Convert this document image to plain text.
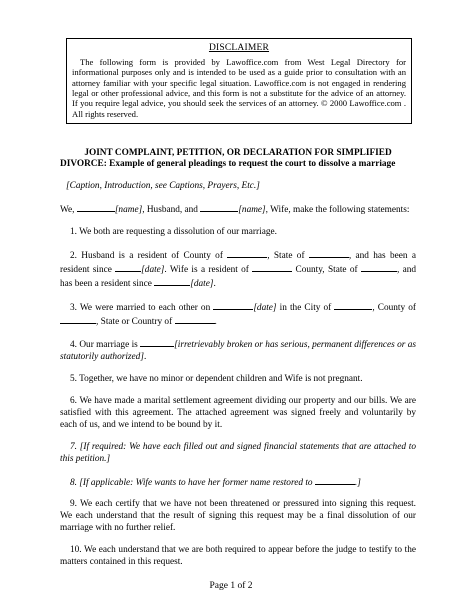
DISCLAIMER
The following form is provided by Lawoffice.com from West Legal Directory for informational purposes only and is intended to be used as a guide prior to consultation with an attorney familiar with your specific legal situation. Lawoffice.com is not engaged in rendering legal or other professional advice, and this form is not a substitute for the advice of an attorney. If you require legal advice, you should seek the services of an attorney. © 2000 Lawoffice.com . All rights reserved.
JOINT COMPLAINT, PETITION, OR DECLARATION FOR SIMPLIFIED
DIVORCE: Example of general pleadings to request the court to dissolve a marriage
[Caption, Introduction, see Captions, Prayers, Etc.]
We,	[name], Husband, and	[name], Wife, make the following statements:
1. We both are requesting a dissolution of our marriage.
2. Husband is a resident of County of	, State of	, and has been a resident since	[date]. Wife is a resident of	County, State of	, and has been a resident since	[date].
3. We were married to each other on	[date] in the City of	, County of , State or Country of	.
4. Our marriage is	[irretrievably broken or has serious, permanent differences or as statutorily authorized].
5. Together, we have no minor or dependent children and Wife is not pregnant.
6. We have made a marital settlement agreement dividing our property and our bills. We are satisfied with this agreement. The attached agreement was signed freely and voluntarily by each of us, and we intend to be bound by it.
7. [If required: We have each filled out and signed financial statements that are attached to this petition.]
8. [If applicable: Wife wants to have her former name restored to	.]
9. We each certify that we have not been threatened or pressured into signing this request. We each understand that the result of signing this request may be a final dissolution of our marriage with no further relief.
10. We each understand that we are both required to appear before the judge to testify to the matters contained in this request.
Page 1 of 2
